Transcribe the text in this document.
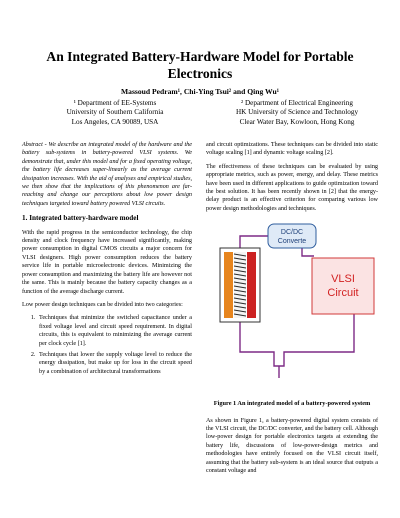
An Integrated Battery-Hardware Model for Portable Electronics
Massoud Pedram¹, Chi-Ying Tsui² and Qing Wu¹
¹ Department of EE-Systems
University of Southern California
Los Angeles, CA 90089, USA
² Department of Electrical Engineering
HK University of Science and Technology
Clear Water Bay, Kowloon, Hong Kong

Abstract - We describe an integrated model of the hardware and the battery sub-systems in battery-powered VLSI systems. We demonstrate that, under this model and for a fixed operating voltage, the battery life decreases super-linearly as the average current dissipation increases. With the aid of analyses and empirical studies, we then show that the implications of this phenomenon are far-reaching and change our perceptions about low power design techniques targeted toward battery powered VLSI circuits.

1. Integrated battery-hardware model

With the rapid progress in the semiconductor technology, the chip density and clock frequency have increased significantly, making power consumption in digital CMOS circuits a major concern for VLSI designers. High power consumption reduces the battery service life in portable microelectronic devices. Minimizing the power consumption and maximizing the battery life are however not the same. This is mainly because the battery capacity changes as a function of the average discharge current.

Low power design techniques can be divided into two categories:

1. Techniques that minimize the switched capacitance under a fixed voltage level and circuit speed requirement. In digital circuits, this is equivalent to minimizing the average current per clock cycle [1].
2. Techniques that lower the supply voltage level to reduce the energy dissipation, but make up for loss in the circuit speed by a combination of architectural transformations

and circuit optimizations. These techniques can be divided into static voltage scaling [1] and dynamic voltage scaling [2].

The effectiveness of these techniques can be evaluated by using appropriate metrics, such as power, energy, and delay. These metrics have been used in different applications to guide optimization toward the best solution. It has been recently shown in [2] that the energy-delay product is an effective criterion for comparing various low power design methodologies and techniques.

DC/DC
Converte
VLSI
Circuit
Figure 1 An integrated model of a battery-powered system

As shown in Figure 1, a battery-powered digital system consists of the VLSI circuit, the DC/DC converter, and the battery cell. Although low-power design for portable electronics targets at extending the battery life, discussions of low-power-design metrics and methodologies have entirely focused on the VLSI circuit itself, assuming that the battery sub-system is an ideal source that outputs a constant voltage and
